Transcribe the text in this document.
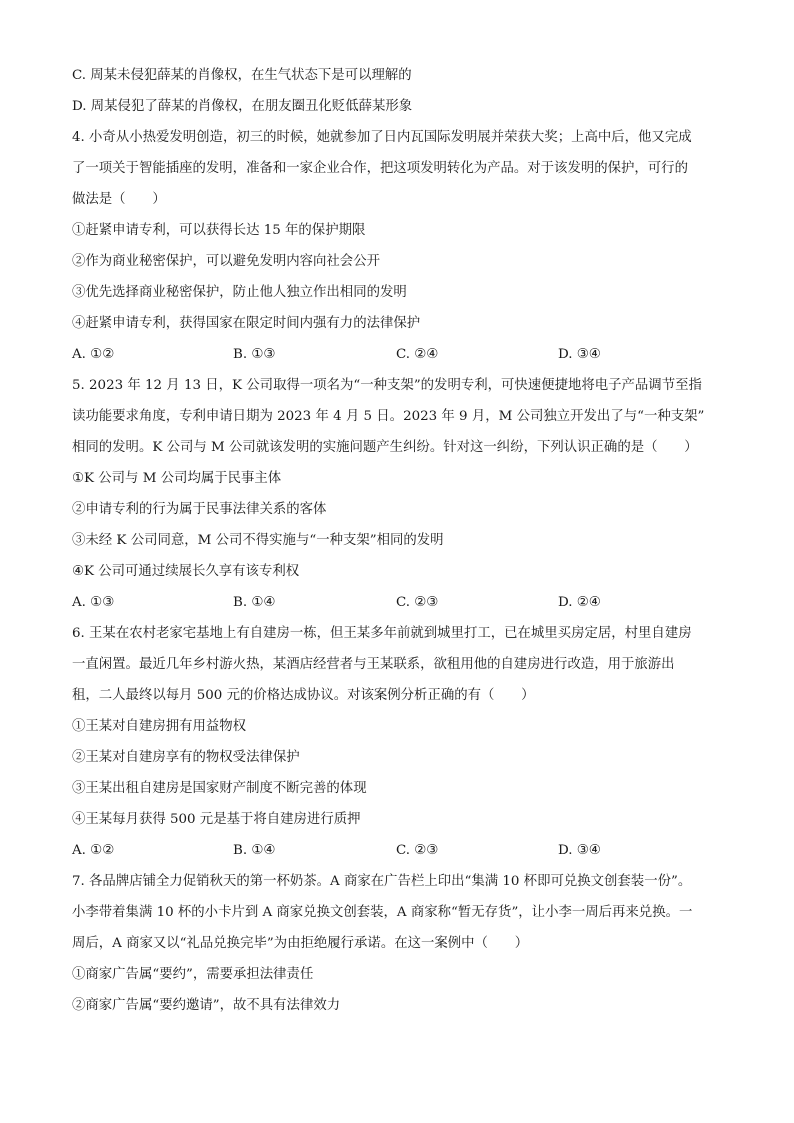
C. 周某未侵犯薛某的肖像权，在生气状态下是可以理解的
D. 周某侵犯了薛某的肖像权，在朋友圈丑化贬低薛某形象
4. 小奇从小热爱发明创造，初三的时候，她就参加了日内瓦国际发明展并荣获大奖；上高中后，他又完成
了一项关于智能插座的发明，准备和一家企业合作，把这项发明转化为产品。对于该发明的保护，可行的
做法是（　　）
①赶紧申请专利，可以获得长达 15 年的保护期限
②作为商业秘密保护，可以避免发明内容向社会公开
③优先选择商业秘密保护，防止他人独立作出相同的发明
④赶紧申请专利，获得国家在限定时间内强有力的法律保护
A. ①②	B. ①③	C. ②④	D. ③④
5. 2023 年 12 月 13 日，K 公司取得一项名为“一种支架”的发明专利，可快速便捷地将电子产品调节至指
读功能要求角度，专利申请日期为 2023 年 4 月 5 日。2023 年 9 月，M 公司独立开发出了与“一种支架”
相同的发明。K 公司与 M 公司就该发明的实施问题产生纠纷。针对这一纠纷，下列认识正确的是（　　）
①K 公司与 M 公司均属于民事主体
②申请专利的行为属于民事法律关系的客体
③未经 K 公司同意，M 公司不得实施与“一种支架”相同的发明
④K 公司可通过续展长久享有该专利权
A. ①③	B. ①④	C. ②③	D. ②④
6. 王某在农村老家宅基地上有自建房一栋，但王某多年前就到城里打工，已在城里买房定居，村里自建房
一直闲置。最近几年乡村游火热，某酒店经营者与王某联系，欲租用他的自建房进行改造，用于旅游出
租，二人最终以每月 500 元的价格达成协议。对该案例分析正确的有（　　）
①王某对自建房拥有用益物权
②王某对自建房享有的物权受法律保护
③王某出租自建房是国家财产制度不断完善的体现
④王某每月获得 500 元是基于将自建房进行质押
A. ①②	B. ①④	C. ②③	D. ③④
7. 各品牌店铺全力促销秋天的第一杯奶茶。A 商家在广告栏上印出“集满 10 杯即可兑换文创套装一份”。
小李带着集满 10 杯的小卡片到 A 商家兑换文创套装，A 商家称“暂无存货”，让小李一周后再来兑换。一
周后，A 商家又以“礼品兑换完毕”为由拒绝履行承诺。在这一案例中（　　）
①商家广告属“要约”，需要承担法律责任
②商家广告属“要约邀请”，故不具有法律效力
